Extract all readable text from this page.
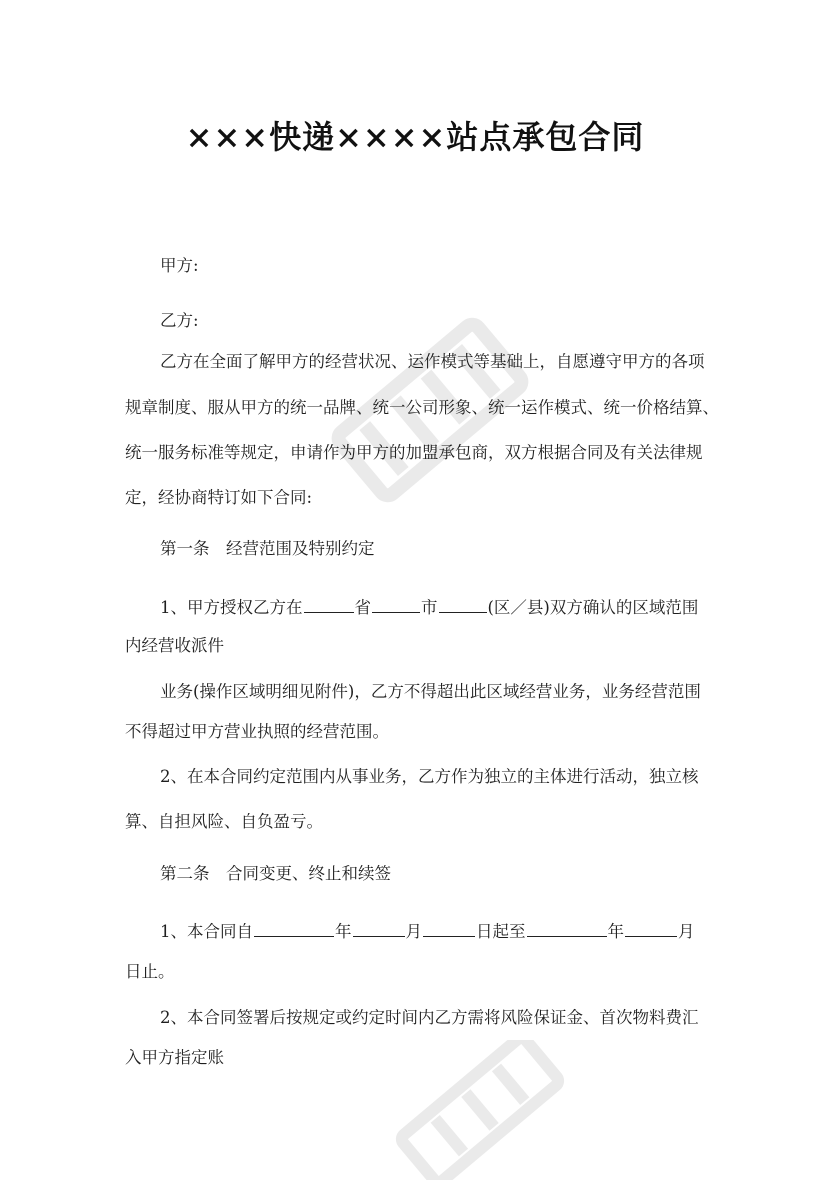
×××快递××××站点承包合同
甲方:
乙方:
乙方在全面了解甲方的经营状况、运作模式等基础上，自愿遵守甲方的各项
规章制度、服从甲方的统一品牌、统一公司形象、统一运作模式、统一价格结算、
统一服务标准等规定，申请作为甲方的加盟承包商，双方根据合同及有关法律规
定，经协商特订如下合同:
第一条　经营范围及特别约定
1、甲方授权乙方在	省	市	(区／县)双方确认的区域范围
内经营收派件
业务(操作区域明细见附件)，乙方不得超出此区域经营业务，业务经营范围
不得超过甲方营业执照的经营范围。
2、在本合同约定范围内从事业务，乙方作为独立的主体进行活动，独立核
算、自担风险、自负盈亏。
第二条　合同变更、终止和续签
1、本合同自	年	月	日起至	年	月
日止。
2、本合同签署后按规定或约定时间内乙方需将风险保证金、首次物料费汇
入甲方指定账
